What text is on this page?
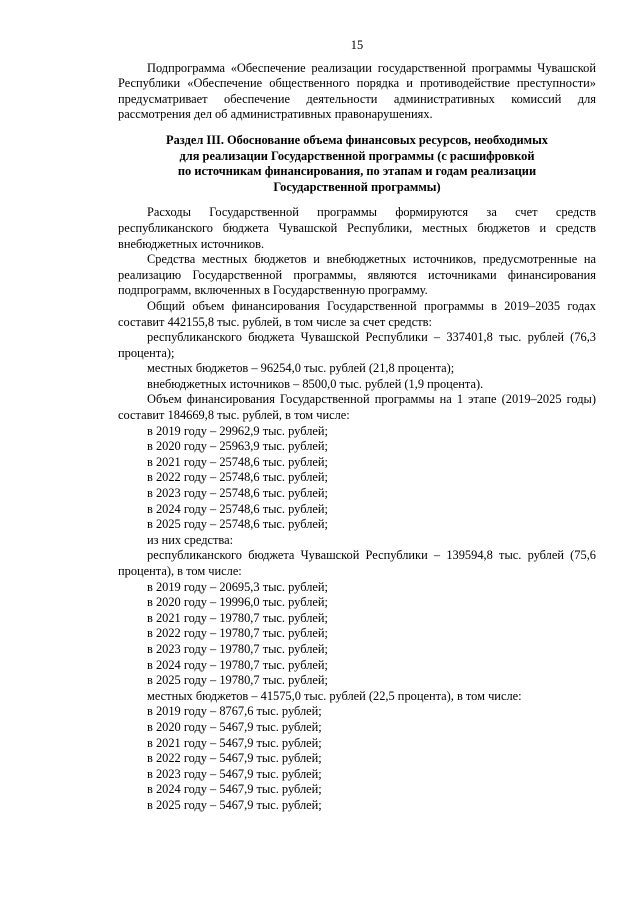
15

Подпрограмма «Обеспечение реализации государственной программы Чувашской Республики «Обеспечение общественного порядка и противодействие преступности» предусматривает обеспечение деятельности административных комиссий для рассмотрения дел об административных правонарушениях.

Раздел III. Обоснование объема финансовых ресурсов, необходимых
для реализации Государственной программы (с расшифровкой
по источникам финансирования, по этапам и годам реализации
Государственной программы)

Расходы Государственной программы формируются за счет средств республиканского бюджета Чувашской Республики, местных бюджетов и средств внебюджетных источников.

Средства местных бюджетов и внебюджетных источников, предусмотренные на реализацию Государственной программы, являются источниками финансирования подпрограмм, включенных в Государственную программу.

Общий объем финансирования Государственной программы в 2019–2035 годах составит 442155,8 тыс. рублей, в том числе за счет средств:

республиканского бюджета Чувашской Республики – 337401,8 тыс. рублей (76,3 процента);

местных бюджетов – 96254,0 тыс. рублей (21,8 процента);

внебюджетных источников – 8500,0 тыс. рублей (1,9 процента).

Объем финансирования Государственной программы на 1 этапе (2019–2025 годы) составит 184669,8 тыс. рублей, в том числе:

в 2019 году – 29962,9 тыс. рублей;
в 2020 году – 25963,9 тыс. рублей;
в 2021 году – 25748,6 тыс. рублей;
в 2022 году – 25748,6 тыс. рублей;
в 2023 году – 25748,6 тыс. рублей;
в 2024 году – 25748,6 тыс. рублей;
в 2025 году – 25748,6 тыс. рублей;

из них средства:

республиканского бюджета Чувашской Республики – 139594,8 тыс. рублей (75,6 процента), в том числе:

в 2019 году – 20695,3 тыс. рублей;
в 2020 году – 19996,0 тыс. рублей;
в 2021 году – 19780,7 тыс. рублей;
в 2022 году – 19780,7 тыс. рублей;
в 2023 году – 19780,7 тыс. рублей;
в 2024 году – 19780,7 тыс. рублей;
в 2025 году – 19780,7 тыс. рублей;

местных бюджетов – 41575,0 тыс. рублей (22,5 процента), в том числе:

в 2019 году – 8767,6 тыс. рублей;
в 2020 году – 5467,9 тыс. рублей;
в 2021 году – 5467,9 тыс. рублей;
в 2022 году – 5467,9 тыс. рублей;
в 2023 году – 5467,9 тыс. рублей;
в 2024 году – 5467,9 тыс. рублей;
в 2025 году – 5467,9 тыс. рублей;
